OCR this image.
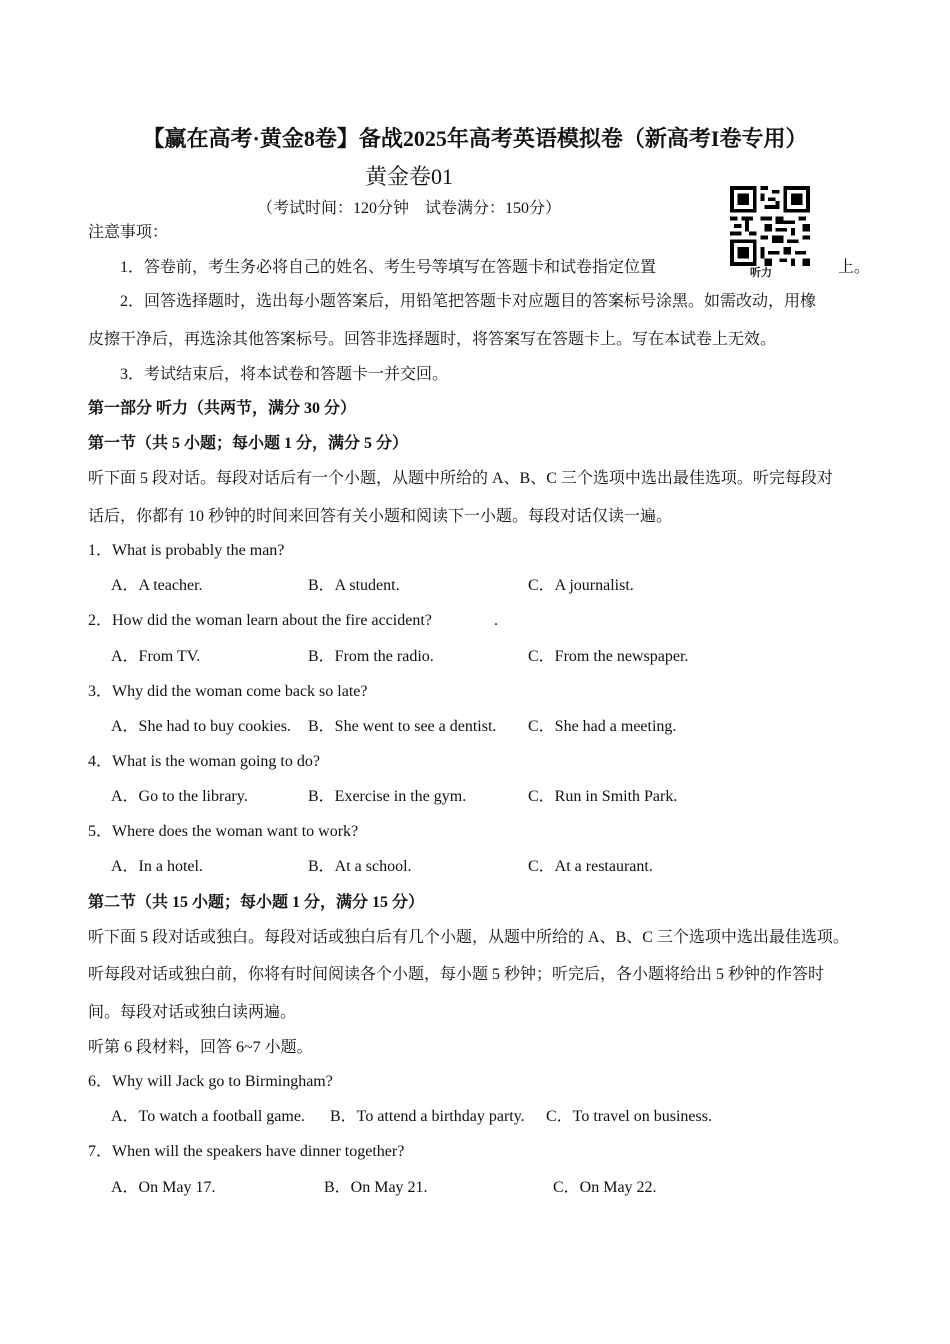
【赢在高考·黄金8卷】备战2025年高考英语模拟卷（新高考I卷专用）
黄金卷01
（考试时间：120分钟　试卷满分：150分）
听力
注意事项：
1．答卷前，考生务必将自己的姓名、考生号等填写在答题卡和试卷指定位置	上。
2．回答选择题时，选出每小题答案后，用铅笔把答题卡对应题目的答案标号涂黑。如需改动，用橡
皮擦干净后，再选涂其他答案标号。回答非选择题时，将答案写在答题卡上。写在本试卷上无效。
3．考试结束后，将本试卷和答题卡一并交回。
第一部分 听力（共两节，满分 30 分）
第一节（共 5 小题；每小题 1 分，满分 5 分）
听下面 5 段对话。每段对话后有一个小题，从题中所给的 A、B、C 三个选项中选出最佳选项。听完每段对
话后，你都有 10 秒钟的时间来回答有关小题和阅读下一小题。每段对话仅读一遍。
1．What is probably the man?
A．A teacher.	B．A student.	C．A journalist.
2．How did the woman learn about the fire accident?	.
A．From TV.	B．From the radio.	C．From the newspaper.
3．Why did the woman come back so late?
A．She had to buy cookies. B．She went to see a dentist. C．She had a meeting.
4．What is the woman going to do?
A．Go to the library.	B．Exercise in the gym.	C．Run in Smith Park.
5．Where does the woman want to work?
A．In a hotel.	B．At a school.	C．At a restaurant.
第二节（共 15 小题；每小题 1 分，满分 15 分）
听下面 5 段对话或独白。每段对话或独白后有几个小题，从题中所给的 A、B、C 三个选项中选出最佳选项。
听每段对话或独白前，你将有时间阅读各个小题，每小题 5 秒钟；听完后，各小题将给出 5 秒钟的作答时
间。每段对话或独白读两遍。
听第 6 段材料，回答 6~7 小题。
6．Why will Jack go to Birmingham?
A．To watch a football game. B．To attend a birthday party. C．To travel on business.
7．When will the speakers have dinner together?
A．On May 17.	B．On May 21.	C．On May 22.
